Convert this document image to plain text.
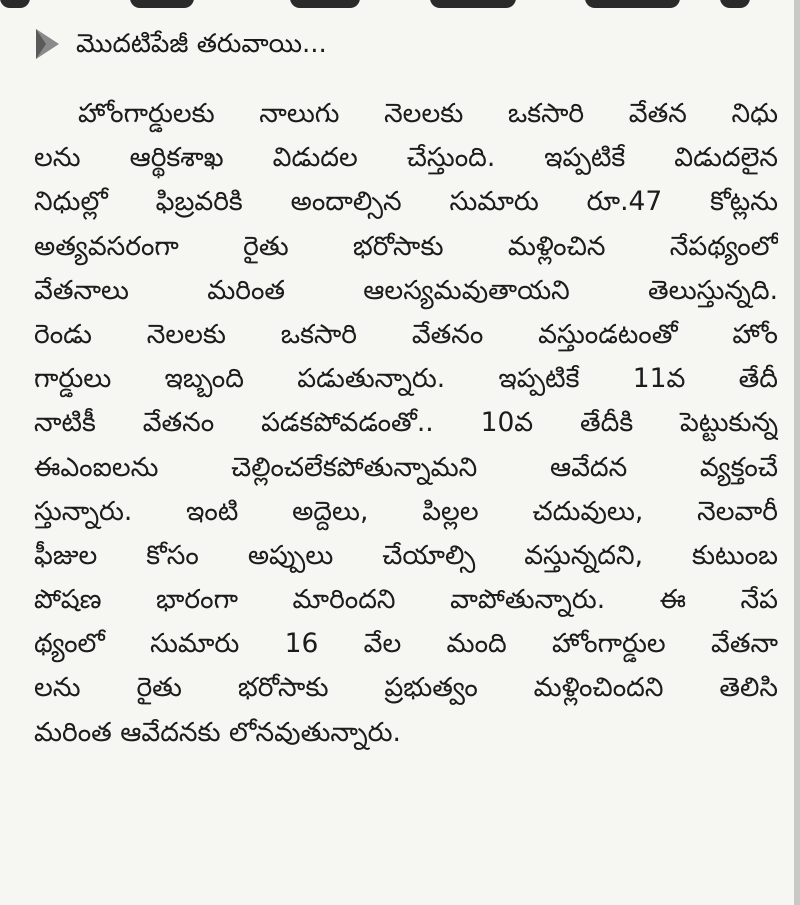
మొదటిపేజీ తరువాయి...
హోంగార్డులకు నాలుగు నెలలకు ఒకసారి వేతన నిధు
లను ఆర్థికశాఖ విడుదల చేస్తుంది. ఇప్పటికే విడుదలైన
నిధుల్లో ఫిబ్రవరికి అందాల్సిన సుమారు రూ.47 కోట్లను
అత్యవసరంగా రైతు భరోసాకు మళ్లించిన నేపథ్యంలో
వేతనాలు మరింత ఆలస్యమవుతాయని తెలుస్తున్నది.
రెండు నెలలకు ఒకసారి వేతనం వస్తుండటంతో హోం
గార్డులు ఇబ్బంది పడుతున్నారు. ఇప్పటికే 11వ తేదీ
నాటికీ వేతనం పడకపోవడంతో.. 10వ తేదీకి పెట్టుకున్న
ఈఎంఐలను చెల్లించలేకపోతున్నామని ఆవేదన వ్యక్తంచే
స్తున్నారు. ఇంటి అద్దెలు, పిల్లల చదువులు, నెలవారీ
ఫీజుల కోసం అప్పులు చేయాల్సి వస్తున్నదని, కుటుంబ
పోషణ భారంగా మారిందని వాపోతున్నారు. ఈ నేప
థ్యంలో సుమారు 16 వేల మంది హోంగార్డుల వేతనా
లను రైతు భరోసాకు ప్రభుత్వం మళ్లించిందని తెలిసి
మరింత ఆవేదనకు లోనవుతున్నారు.
